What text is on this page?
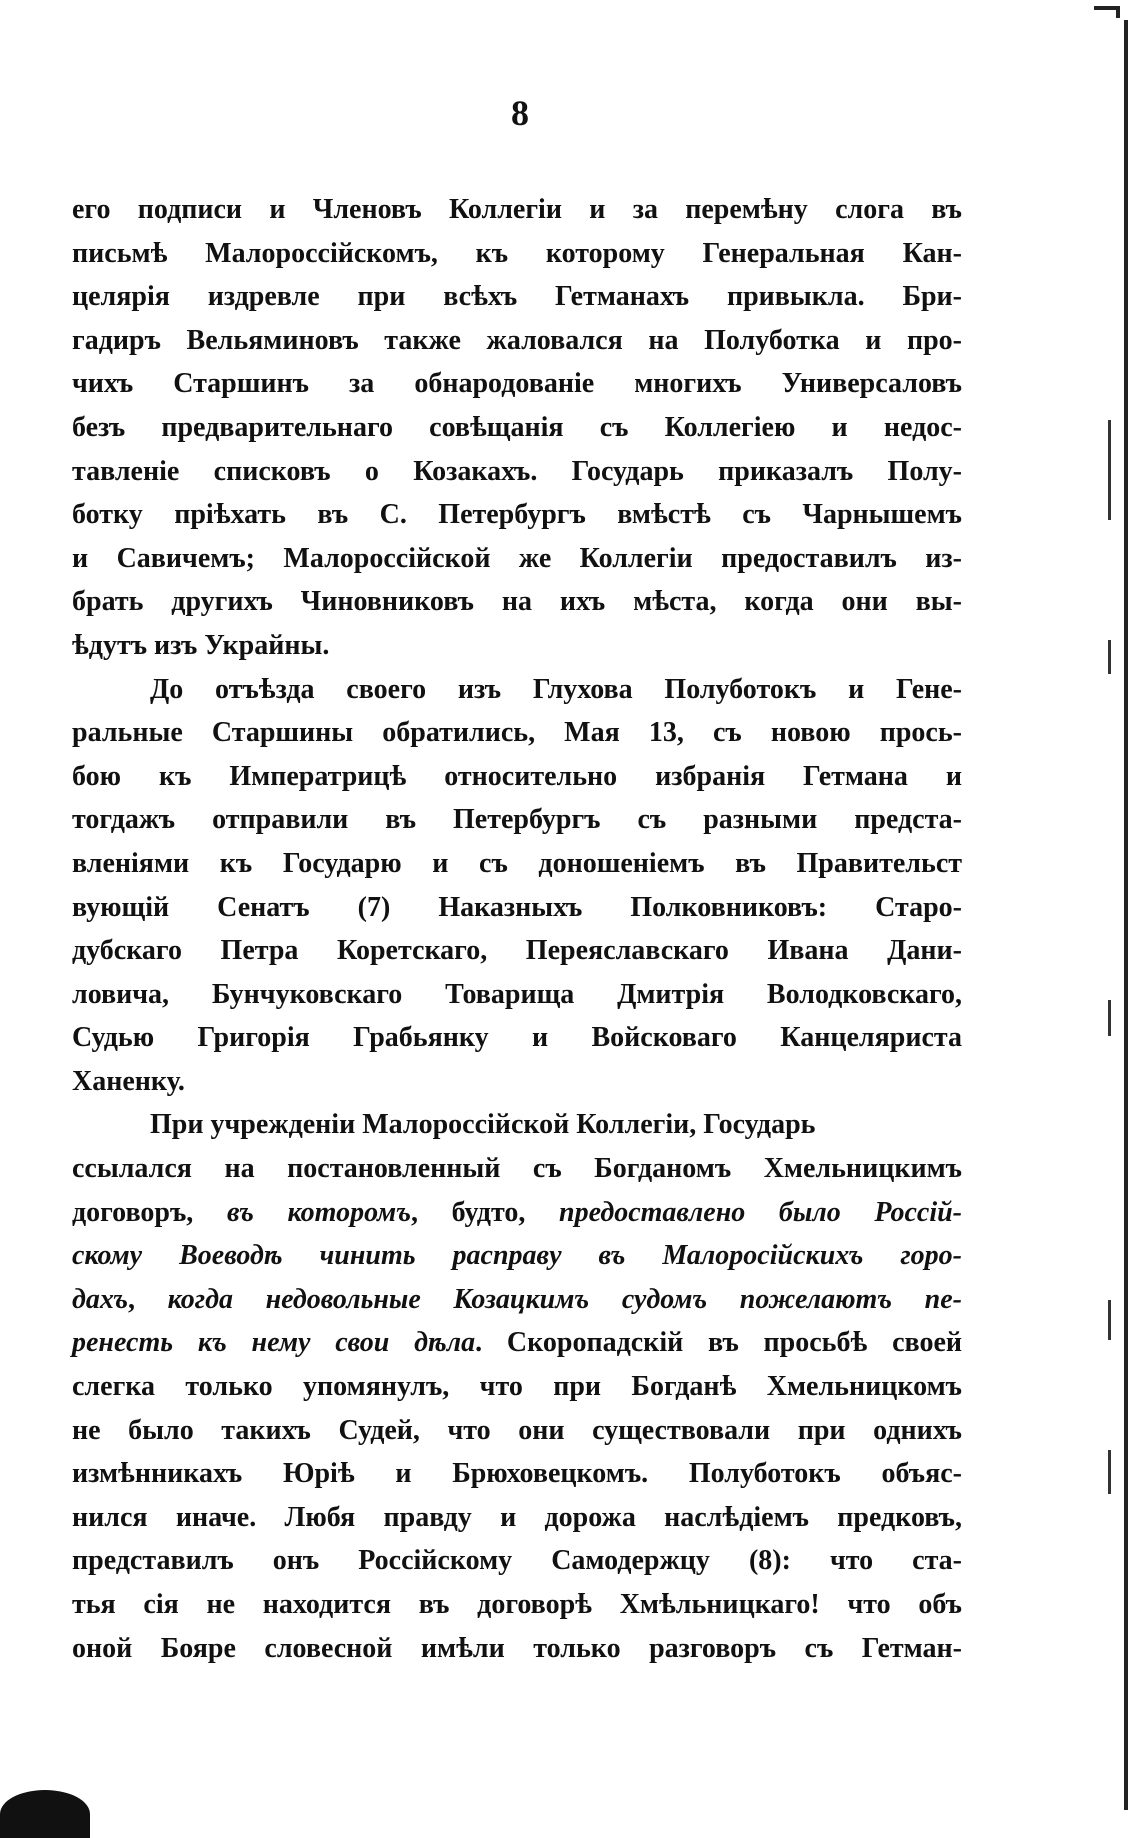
8
его подписи и Членовъ Коллегіи и за перемѣну слога въ
письмѣ Малороссійскомъ, къ которому Генеральная Кан-
целярія издревле при всѣхъ Гетманахъ привыкла. Бри-
гадиръ Вельяминовъ также жаловался на Полуботка и про-
чихъ Старшинъ за обнародованіе многихъ Универсаловъ
безъ предварительнаго совѣщанія съ Коллегіею и недос-
тавленіе списковъ о Козакахъ. Государь приказалъ Полу-
ботку пріѣхать въ С. Петербургъ вмѣстѣ съ Чарнышемъ
и Савичемъ; Малороссійской же Коллегіи предоставилъ из-
брать другихъ Чиновниковъ на ихъ мѣста, когда они вы-
ѣдутъ изъ Украйны.
До отъѣзда своего изъ Глухова Полуботокъ и Гене-
ральные Старшины обратились, Мая 13, съ новою прось-
бою къ Императрицѣ относительно избранія Гетмана и
тогдажъ отправили въ Петербургъ съ разными предста-
вленіями къ Государю и съ доношеніемъ въ Правительст
вующій Сенатъ (7) Наказныхъ Полковниковъ: Старо-
дубскаго Петра Коретскаго, Переяславскаго Ивана Дани-
ловича, Бунчуковскаго Товарища Дмитрія Володковскаго,
Судью Григорія Грабьянку и Войсковаго Канцеляриста
Ханенку.
При учрежденіи Малороссійской Коллегіи, Государь
ссылался на постановленный съ Богданомъ Хмельницкимъ
договоръ, въ которомъ, будто, предоставлено было Россій-
скому Воеводѣ чинить расправу въ Малоросійскихъ горо-
дахъ, когда недовольные Козацкимъ судомъ пожелаютъ пе-
ренесть къ нему свои дѣла. Скоропадскій въ просьбѣ своей
слегка только упомянулъ, что при Богданѣ Хмельницкомъ
не было такихъ Судей, что они существовали при однихъ
измѣнникахъ Юріѣ и Брюховецкомъ. Полуботокъ объяс-
нился иначе. Любя правду и дорожа наслѣдіемъ предковъ,
представилъ онъ Россійскому Самодержцу (8): что ста-
тья сія не находится въ договорѣ Хмѣльницкаго! что объ
оной Бояре словесной имѣли только разговоръ съ Гетман-
